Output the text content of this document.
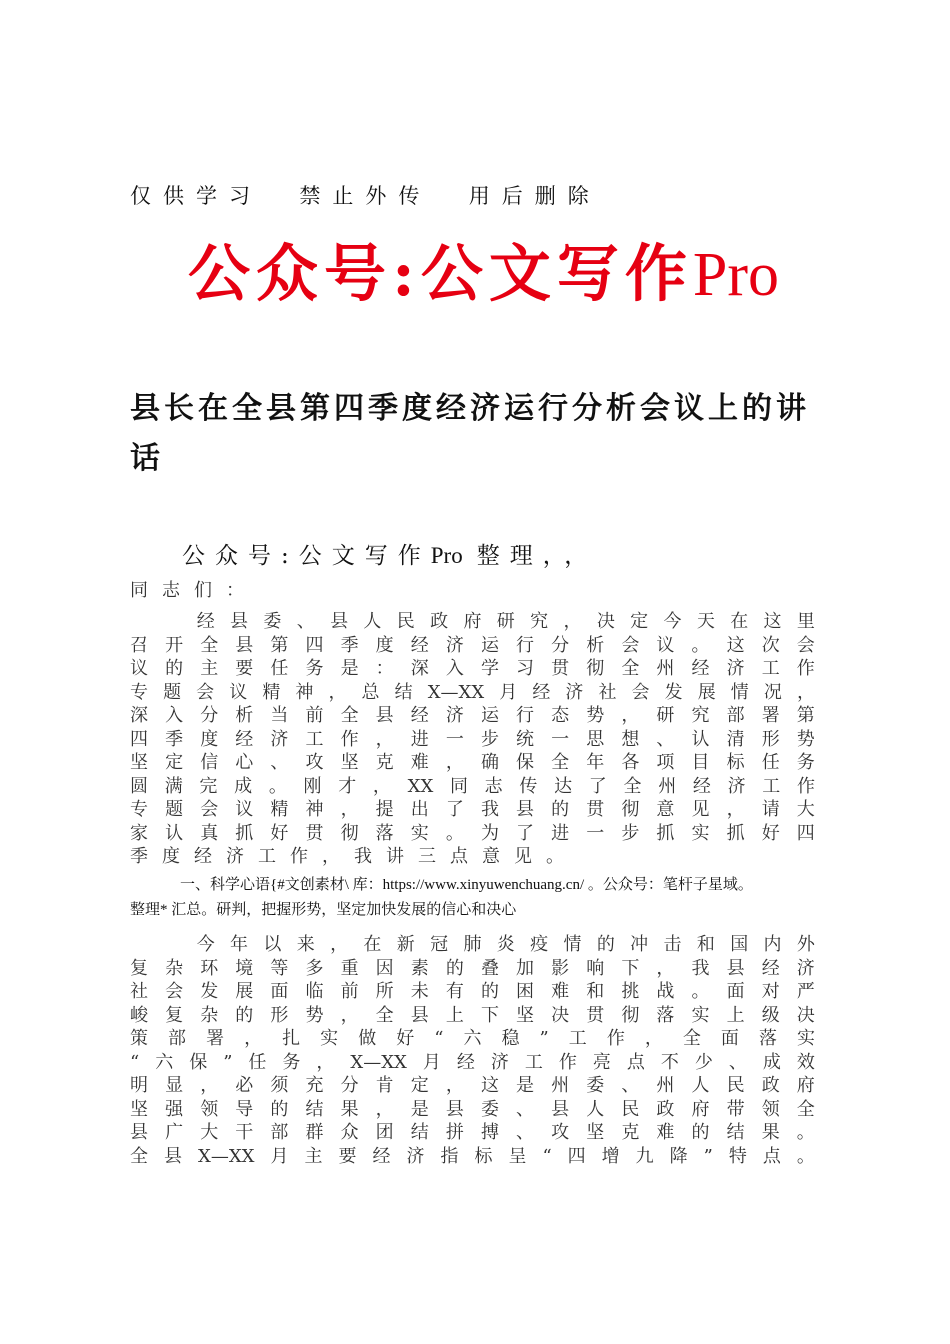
仅供学习  禁止外传  用后删除
公众号:公文写作Pro
县长在全县第四季度经济运行分析会议上的讲话
公众号:公文写作Pro 整理，，
同志们：

经 县 委 、 县 人 民 政 府 研 究 ， 决 定 今 天 在 这 里
召 开 全 县 第 四 季 度 经 济 运 行 分 析 会 议 。 这 次 会
议 的 主 要 任 务 是 ： 深 入 学 习 贯 彻 全 州 经 济 工 作
专 题 会 议 精 神 ， 总 结 X—XX 月 经 济 社 会 发 展 情 况 ，
深 入 分 析 当 前 全 县 经 济 运 行 态 势 ， 研 究 部 署 第
四 季 度 经 济 工 作 ， 进 一 步 统 一 思 想 、 认 清 形 势
坚 定 信 心 、 攻 坚 克 难 ， 确 保 全 年 各 项 目 标 任 务
圆 满 完 成 。 刚 才 ， XX 同 志 传 达 了 全 州 经 济 工 作
专 题 会 议 精 神 ， 提 出 了 我 县 的 贯 彻 意 见 ， 请 大
家 认 真 抓 好 贯 彻 落 实 。 为 了 进 一 步 抓 实 抓 好 四
季度经济工作，我讲三点意见。
一、科学心语{#文创素材\ 库：https://www.xinyuwenchuang.cn/ 。公众号：笔杆子星域。
整理* 汇总。研判，把握形势，坚定加快发展的信心和决心

今 年 以 来 ， 在 新 冠 肺 炎 疫 情 的 冲 击 和 国 内 外
复 杂 环 境 等 多 重 因 素 的 叠 加 影 响 下 ， 我 县 经 济
社 会 发 展 面 临 前 所 未 有 的 困 难 和 挑 战 。 面 对 严
峻 复 杂 的 形 势 ， 全 县 上 下 坚 决 贯 彻 落 实 上 级 决
策 部 署 ， 扎 实 做 好 “ 六 稳 ” 工 作 ， 全 面 落 实
“ 六 保 ” 任 务 ， X—XX 月 经 济 工 作 亮 点 不 少 、 成 效
明 显 ， 必 须 充 分 肯 定 ， 这 是 州 委 、 州 人 民 政 府
坚 强 领 导 的 结 果 ， 是 县 委 、 县 人 民 政 府 带 领 全
县 广 大 干 部 群 众 团 结 拼 搏 、 攻 坚 克 难 的 结 果 。
全 县 X—XX 月 主 要 经 济 指 标 呈 “ 四 增 九 降 ” 特 点 。
